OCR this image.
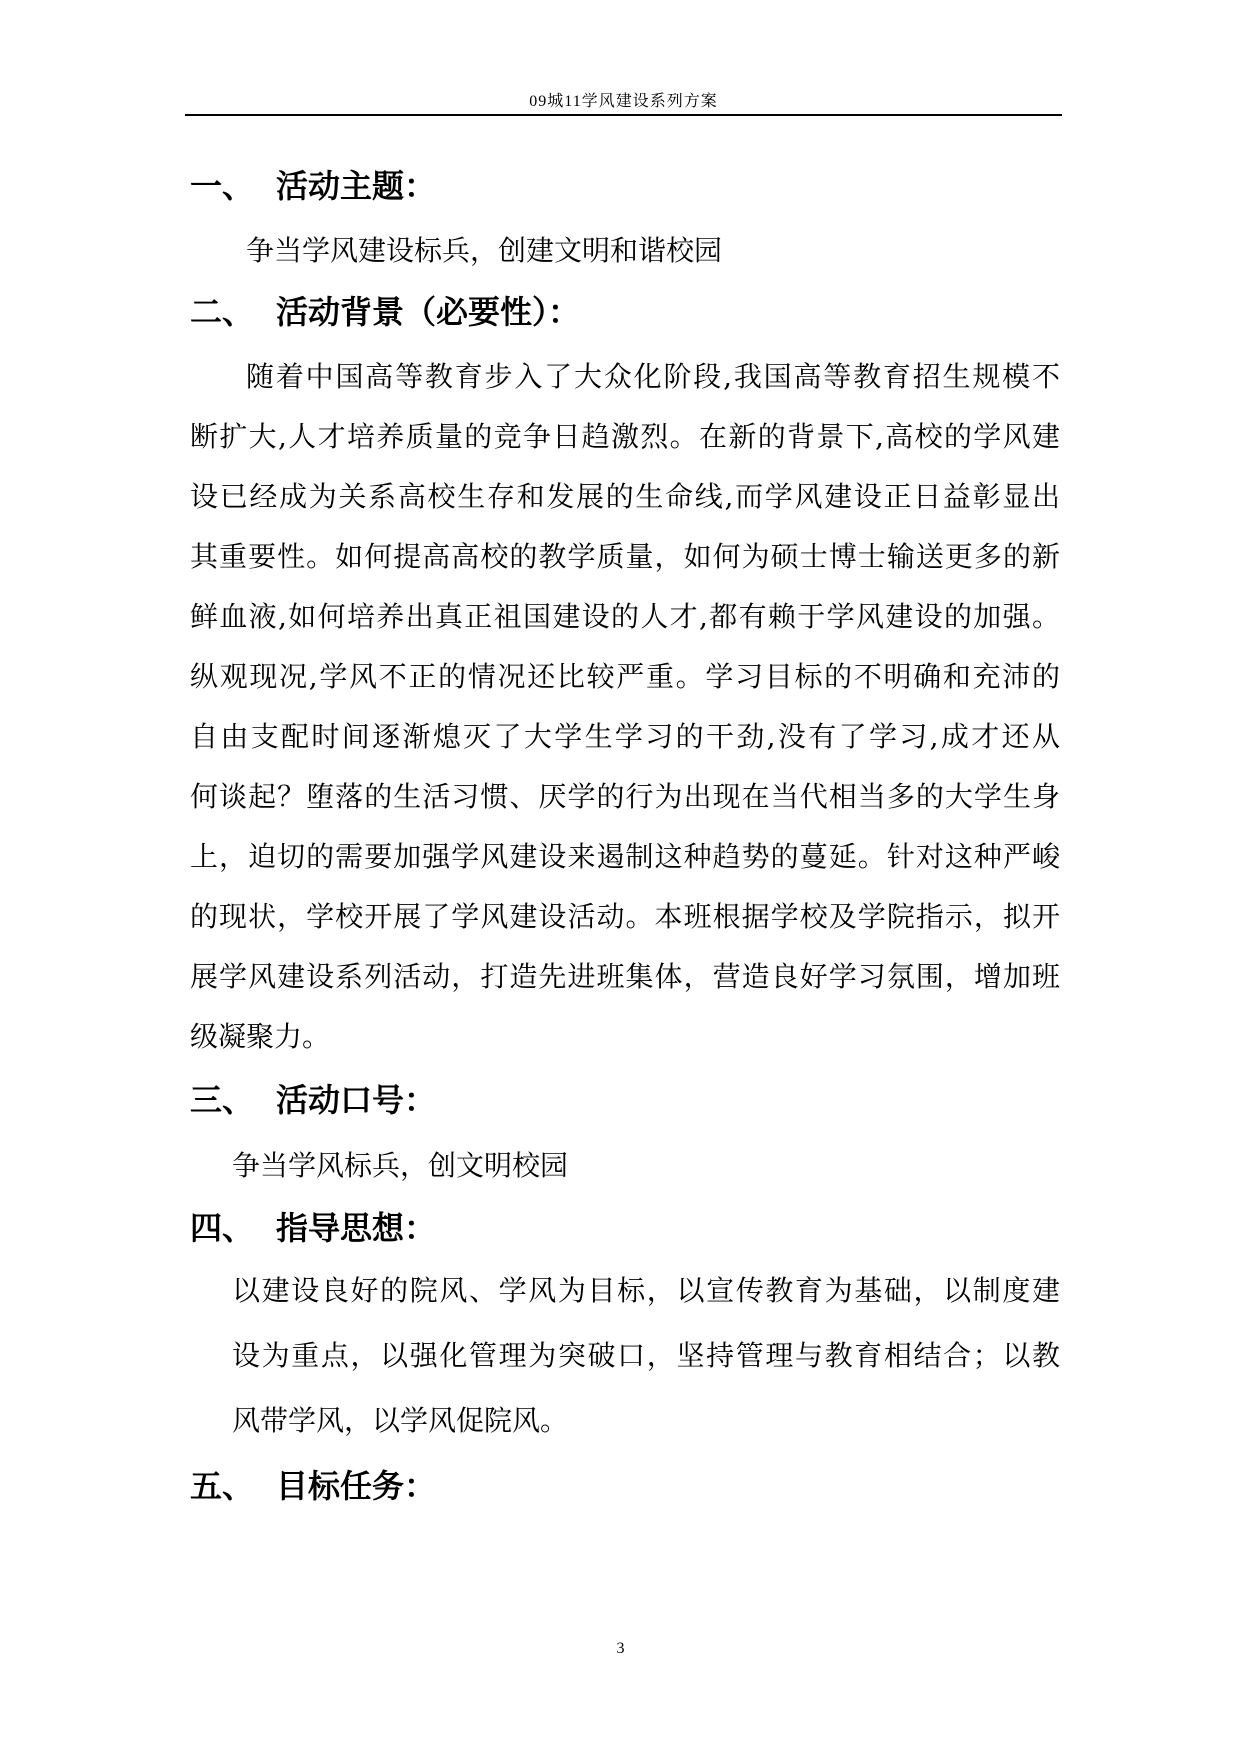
09城11学风建设系列方案
一、 活动主题：
争当学风建设标兵，创建文明和谐校园
二、 活动背景（必要性）：
随着中国高等教育步入了大众化阶段,我国高等教育招生规模不
断扩大,人才培养质量的竞争日趋激烈。在新的背景下,高校的学风建
设已经成为关系高校生存和发展的生命线,而学风建设正日益彰显出
其重要性。如何提高高校的教学质量，如何为硕士博士输送更多的新
鲜血液,如何培养出真正祖国建设的人才,都有赖于学风建设的加强。
纵观现况,学风不正的情况还比较严重。学习目标的不明确和充沛的
自由支配时间逐渐熄灭了大学生学习的干劲,没有了学习,成才还从
何谈起？堕落的生活习惯、厌学的行为出现在当代相当多的大学生身
上，迫切的需要加强学风建设来遏制这种趋势的蔓延。针对这种严峻
的现状，学校开展了学风建设活动。本班根据学校及学院指示，拟开
展学风建设系列活动，打造先进班集体，营造良好学习氛围，增加班
级凝聚力。
三、 活动口号：
争当学风标兵，创文明校园
四、 指导思想：
以建设良好的院风、学风为目标，以宣传教育为基础，以制度建
设为重点，以强化管理为突破口，坚持管理与教育相结合；以教
风带学风，以学风促院风。
五、 目标任务：
3
